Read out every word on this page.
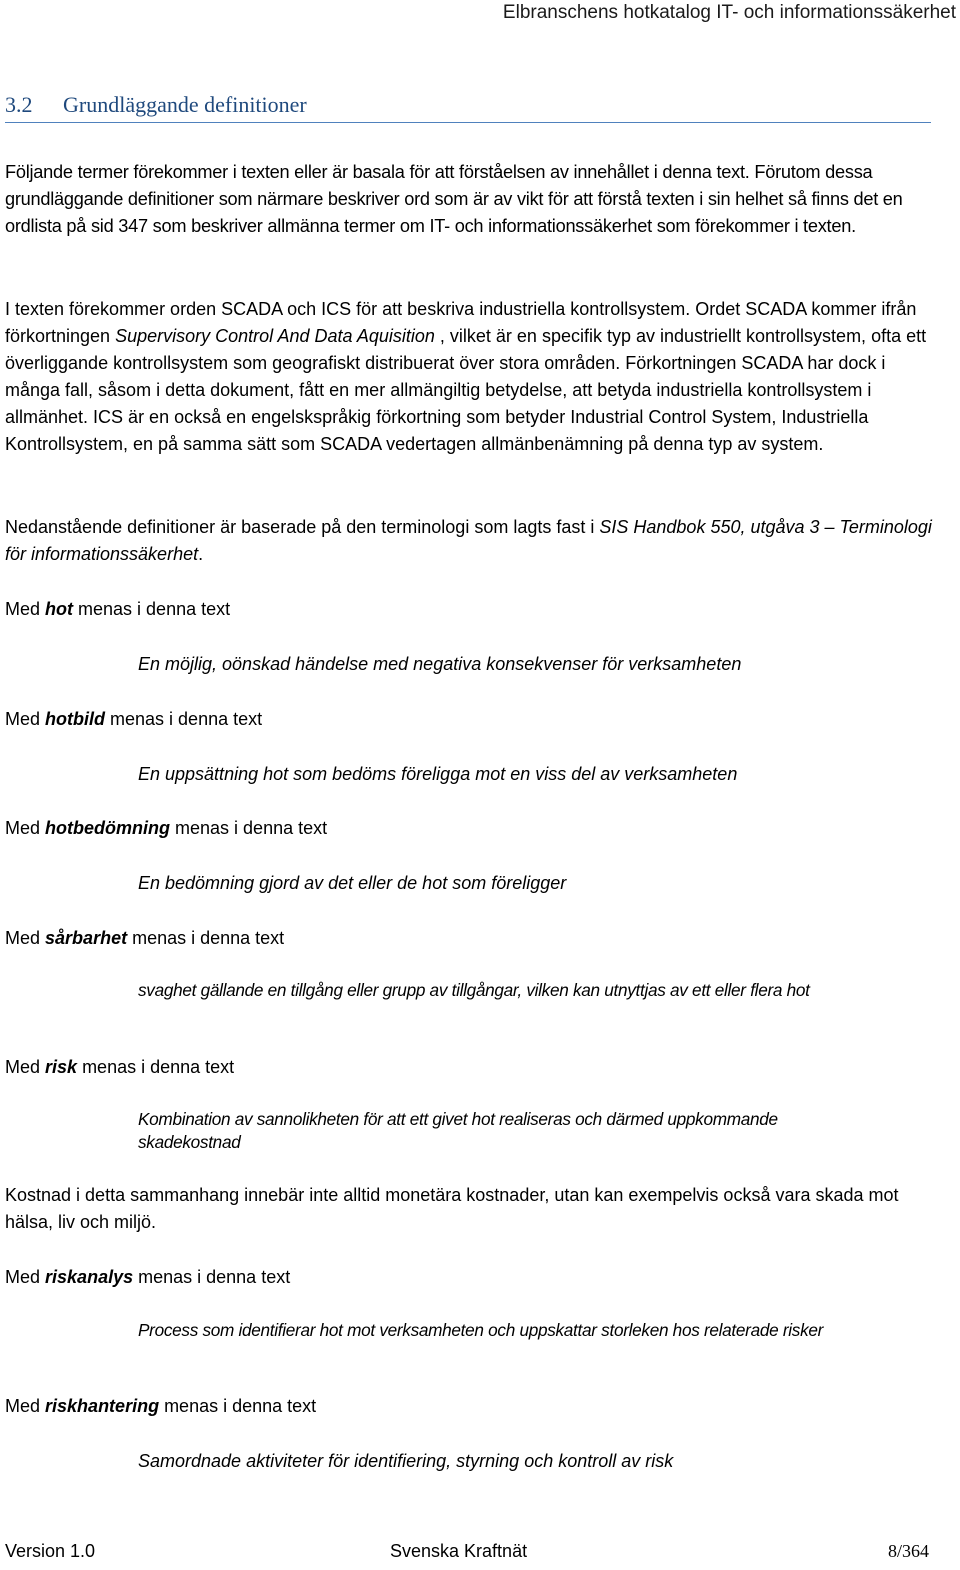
Elbranschens hotkatalog IT- och informationssäkerhet
3.2 Grundläggande definitioner
Följande termer förekommer i texten eller är basala för att förståelsen av innehållet i denna text. Förutom dessa grundläggande definitioner som närmare beskriver ord som är av vikt för att förstå texten i sin helhet så finns det en ordlista på sid 347 som beskriver allmänna termer om IT- och informationssäkerhet som förekommer i texten.
I texten förekommer orden SCADA och ICS för att beskriva industriella kontrollsystem. Ordet SCADA kommer ifrån förkortningen Supervisory Control And Data Aquisition , vilket är en specifik typ av industriellt kontrollsystem, ofta ett överliggande kontrollsystem som geografiskt distribuerat över stora områden. Förkortningen SCADA har dock i många fall, såsom i detta dokument, fått en mer allmängiltig betydelse, att betyda industriella kontrollsystem i allmänhet. ICS är en också en engelskspråkig förkortning som betyder Industrial Control System, Industriella Kontrollsystem, en på samma sätt som SCADA vedertagen allmänbenämning på denna typ av system.
Nedanstående definitioner är baserade på den terminologi som lagts fast i SIS Handbok 550, utgåva 3 – Terminologi för informationssäkerhet.
Med hot menas i denna text
En möjlig, oönskad händelse med negativa konsekvenser för verksamheten
Med hotbild menas i denna text
En uppsättning hot som bedöms föreligga mot en viss del av verksamheten
Med hotbedömning menas i denna text
En bedömning gjord av det eller de hot som föreligger
Med sårbarhet menas i denna text
svaghet gällande en tillgång eller grupp av tillgångar, vilken kan utnyttjas av ett eller flera hot
Med risk menas i denna text
Kombination av sannolikheten för att ett givet hot realiseras och därmed uppkommande skadekostnad
Kostnad i detta sammanhang innebär inte alltid monetära kostnader, utan kan exempelvis också vara skada mot hälsa, liv och miljö.
Med riskanalys menas i denna text
Process som identifierar hot mot verksamheten och uppskattar storleken hos relaterade risker
Med riskhantering menas i denna text
Samordnade aktiviteter för identifiering, styrning och kontroll av risk
Version 1.0	Svenska Kraftnät	8/364
